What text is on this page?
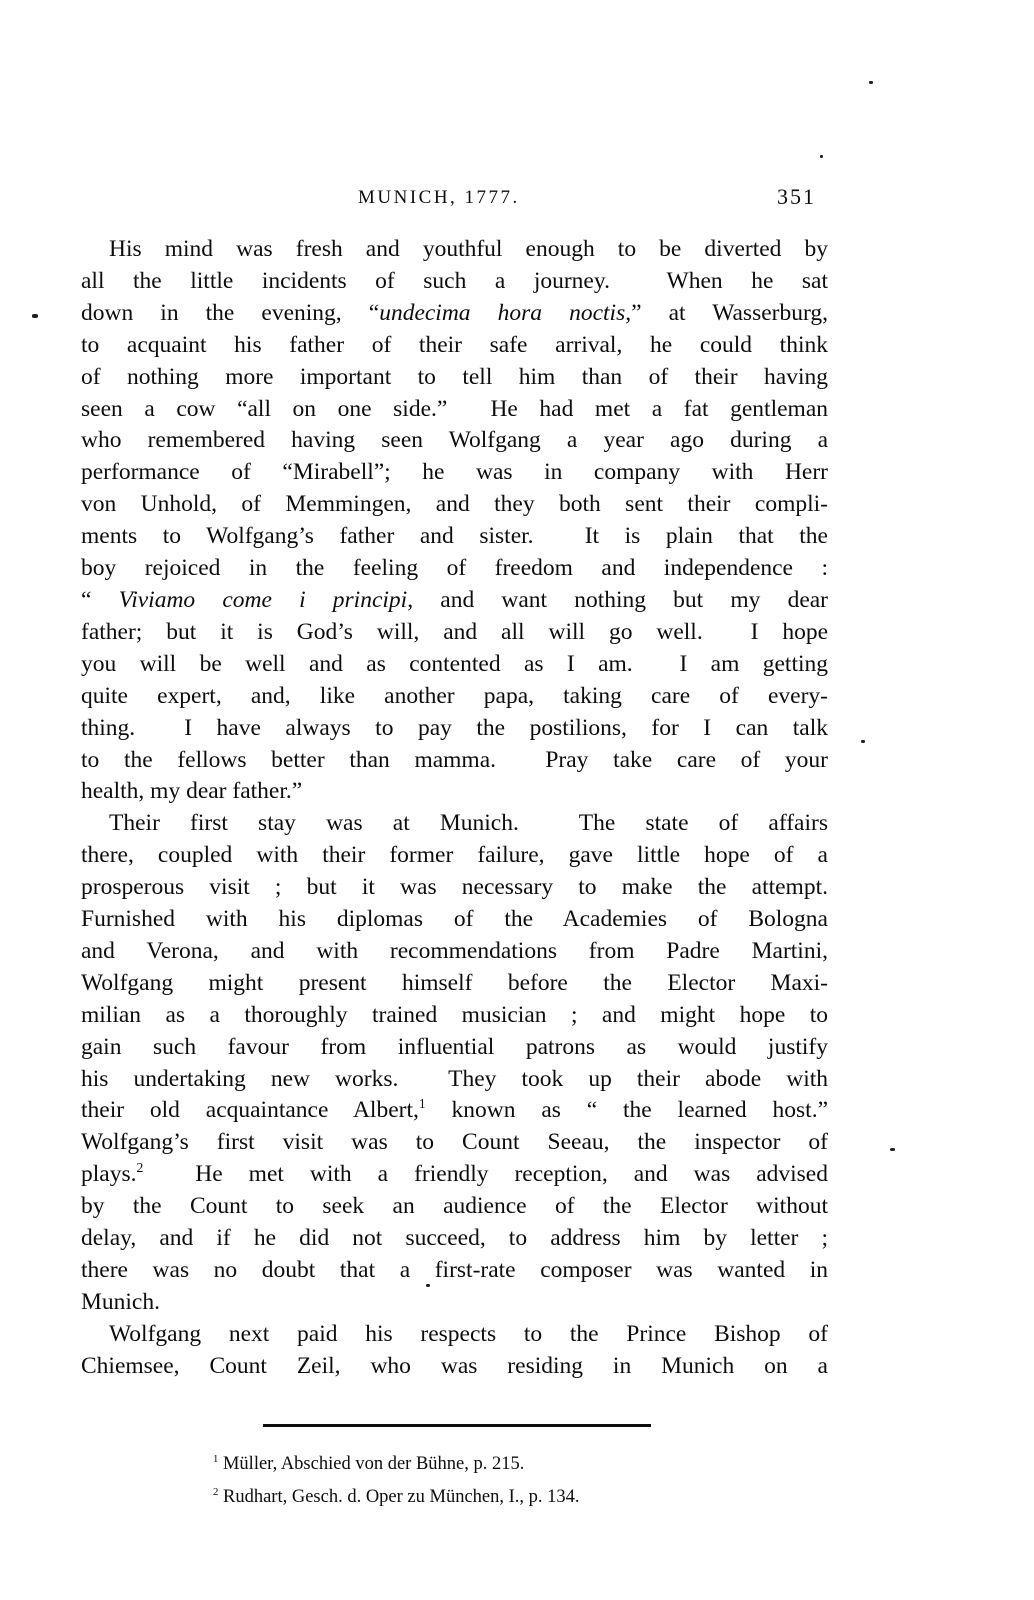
MUNICH, 1777.	351
His mind was fresh and youthful enough to be diverted by
all the little incidents of such a journey.  When he sat
down in the evening, “undecima hora noctis,” at Wasserburg,
to acquaint his father of their safe arrival, he could think
of nothing more important to tell him than of their having
seen a cow “all on one side.”  He had met a fat gentleman
who remembered having seen Wolfgang a year ago during a
performance of “Mirabell”; he was in company with Herr
von Unhold, of Memmingen, and they both sent their compli-
ments to Wolfgang’s father and sister.  It is plain that the
boy rejoiced in the feeling of freedom and independence :
“ Viviamo come i principi, and want nothing but my dear
father; but it is God’s will, and all will go well.  I hope
you will be well and as contented as I am.  I am getting
quite expert, and, like another papa, taking care of every-
thing.  I have always to pay the postilions, for I can talk
to the fellows better than mamma.  Pray take care of your
health, my dear father.”
Their first stay was at Munich.  The state of affairs
there, coupled with their former failure, gave little hope of a
prosperous visit ; but it was necessary to make the attempt.
Furnished with his diplomas of the Academies of Bologna
and Verona, and with recommendations from Padre Martini,
Wolfgang might present himself before the Elector Maxi-
milian as a thoroughly trained musician ; and might hope to
gain such favour from influential patrons as would justify
his undertaking new works.  They took up their abode with
their old acquaintance Albert,$^1$ known as “ the learned host.”
Wolfgang’s first visit was to Count Seeau, the inspector of
plays.$^2$  He met with a friendly reception, and was advised
by the Count to seek an audience of the Elector without
delay, and if he did not succeed, to address him by letter ;
there was no doubt that a first-rate composer was wanted in
Munich.
Wolfgang next paid his respects to the Prince Bishop of
Chiemsee, Count Zeil, who was residing in Munich on a
$^1$ Müller, Abschied von der Bühne, p. 215.
$^2$ Rudhart, Gesch. d. Oper zu München, I., p. 134.
